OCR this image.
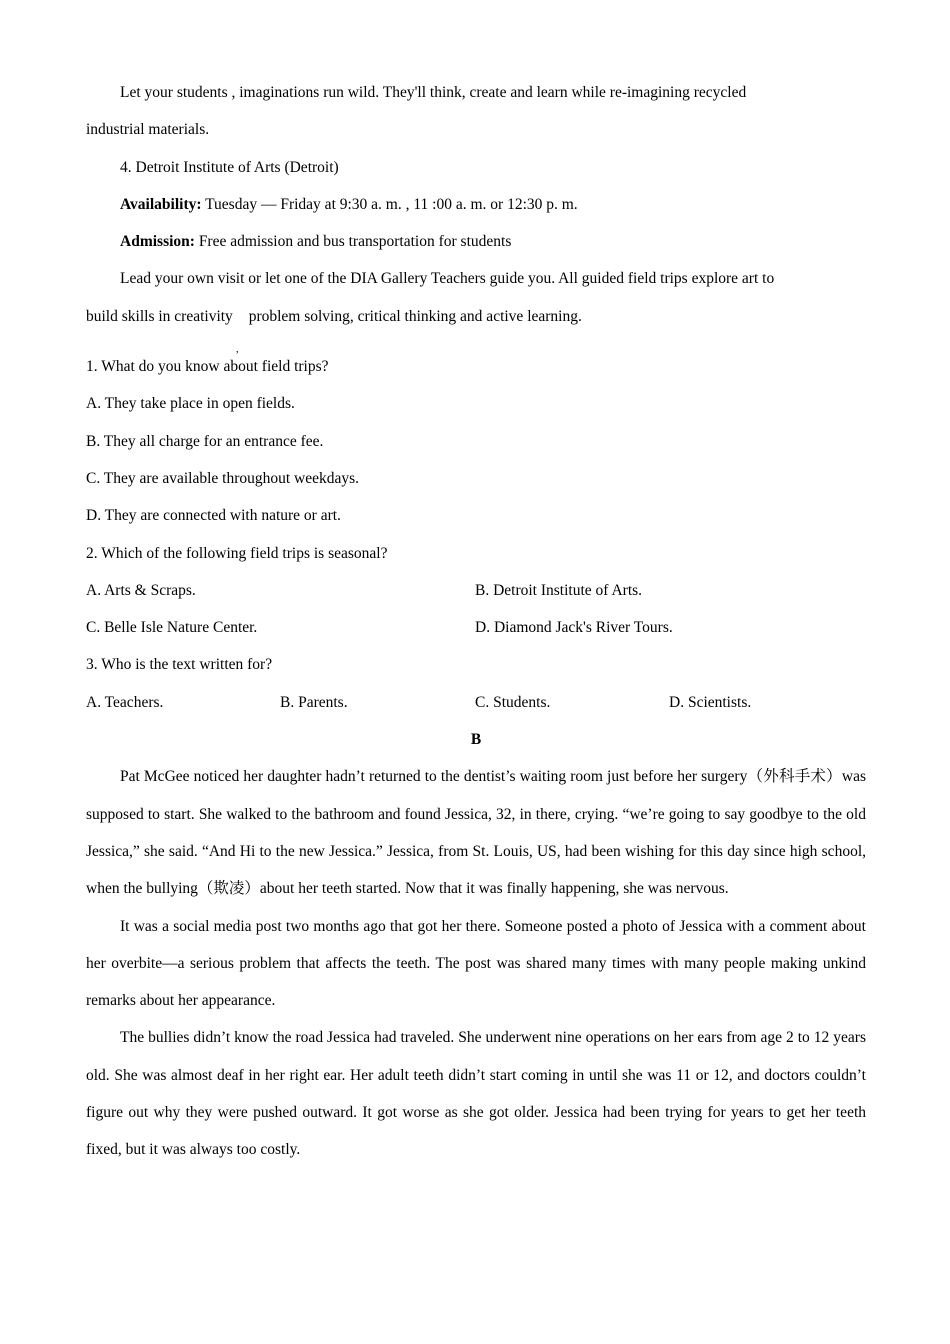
Let your students , imaginations run wild. They'll think, create and learn while re-imagining recycled
industrial materials.
4. Detroit Institute of Arts (Detroit)
Availability: Tuesday — Friday at 9:30 a. m. , 11 :00 a. m. or 12:30 p. m.
Admission: Free admission and bus transportation for students
Lead your own visit or let one of the DIA Gallery Teachers guide you. All guided field trips explore art to
build skills in creativity
,
problem solving, critical thinking and active learning.
1. What do you know about field trips?
A. They take place in open fields.
B. They all charge for an entrance fee.
C. They are available throughout weekdays.
D. They are connected with nature or art.
2. Which of the following field trips is seasonal?
A. Arts & Scraps.	B. Detroit Institute of Arts.
C. Belle Isle Nature Center.	D. Diamond Jack's River Tours.
3. Who is the text written for?
A. Teachers.	B. Parents.	C. Students.	D. Scientists.
B
Pat McGee noticed her daughter hadn’t returned to the dentist’s waiting room just before her surgery（外科手术）was supposed to start. She walked to the bathroom and found Jessica, 32, in there, crying. “we’re going to say goodbye to the old Jessica,” she said. “And Hi to the new Jessica.” Jessica, from St. Louis, US, had been wishing for this day since high school, when the bullying（欺凌）about her teeth started. Now that it was finally happening, she was nervous.
It was a social media post two months ago that got her there. Someone posted a photo of Jessica with a comment about her overbite—a serious problem that affects the teeth. The post was shared many times with many people making unkind remarks about her appearance.
The bullies didn’t know the road Jessica had traveled. She underwent nine operations on her ears from age 2 to 12 years old. She was almost deaf in her right ear. Her adult teeth didn’t start coming in until she was 11 or 12, and doctors couldn’t figure out why they were pushed outward. It got worse as she got older. Jessica had been trying for years to get her teeth fixed, but it was always too costly.
